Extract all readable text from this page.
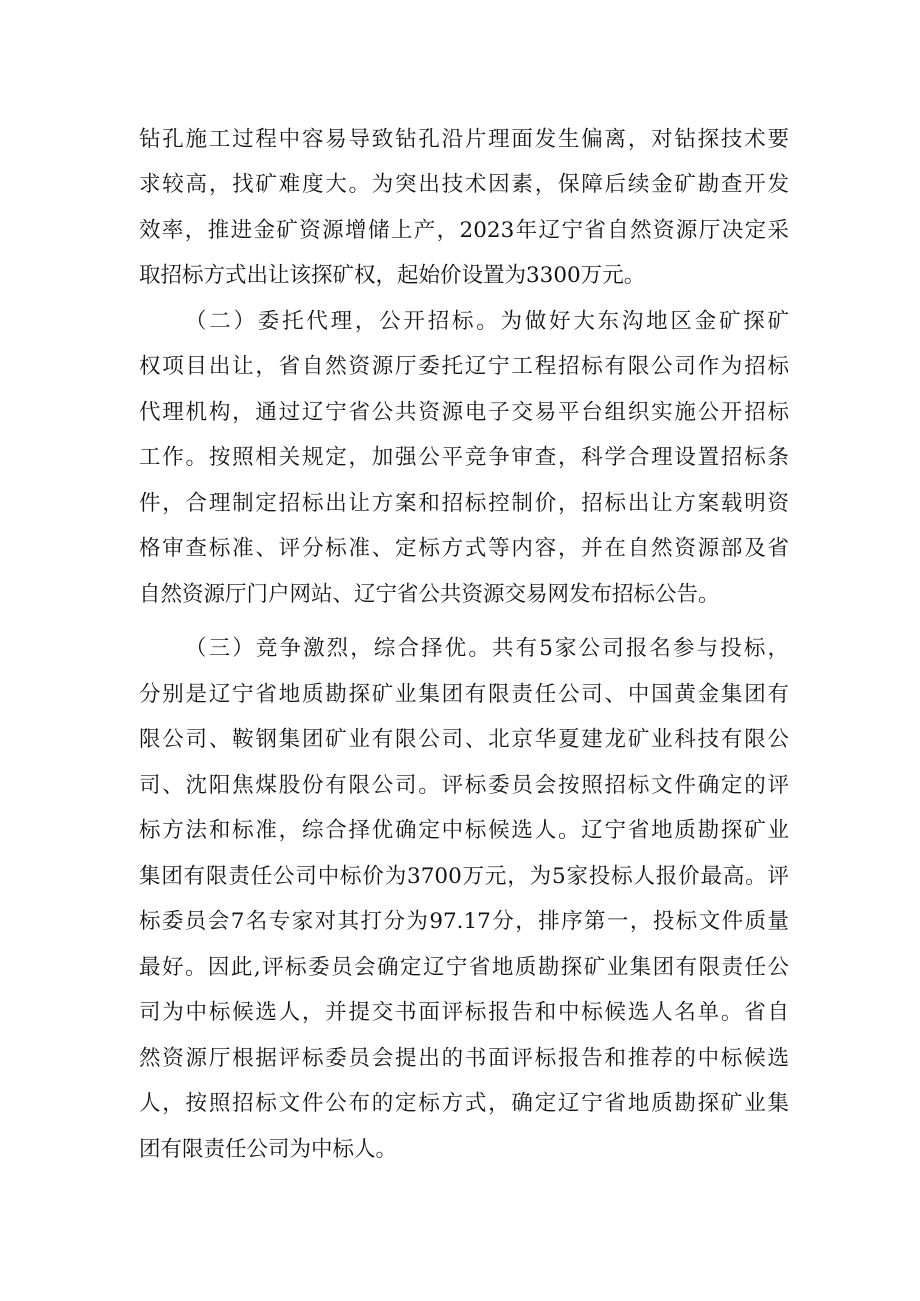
钻孔施工过程中容易导致钻孔沿片理面发生偏离，对钻探技术要
求较高，找矿难度大。为突出技术因素，保障后续金矿勘查开发
效率，推进金矿资源增储上产，2023年辽宁省自然资源厅决定采
取招标方式出让该探矿权，起始价设置为3300万元。
（二）委托代理，公开招标。为做好大东沟地区金矿探矿
权项目出让，省自然资源厅委托辽宁工程招标有限公司作为招标
代理机构，通过辽宁省公共资源电子交易平台组织实施公开招标
工作。按照相关规定，加强公平竞争审查，科学合理设置招标条
件，合理制定招标出让方案和招标控制价，招标出让方案载明资
格审查标准、评分标准、定标方式等内容，并在自然资源部及省
自然资源厅门户网站、辽宁省公共资源交易网发布招标公告。
（三）竞争激烈，综合择优。共有5家公司报名参与投标，
分别是辽宁省地质勘探矿业集团有限责任公司、中国黄金集团有
限公司、鞍钢集团矿业有限公司、北京华夏建龙矿业科技有限公
司、沈阳焦煤股份有限公司。评标委员会按照招标文件确定的评
标方法和标准，综合择优确定中标候选人。辽宁省地质勘探矿业
集团有限责任公司中标价为3700万元，为5家投标人报价最高。评
标委员会7名专家对其打分为97.17分，排序第一，投标文件质量
最好。因此,评标委员会确定辽宁省地质勘探矿业集团有限责任公
司为中标候选人，并提交书面评标报告和中标候选人名单。省自
然资源厅根据评标委员会提出的书面评标报告和推荐的中标候选
人，按照招标文件公布的定标方式，确定辽宁省地质勘探矿业集
团有限责任公司为中标人。
